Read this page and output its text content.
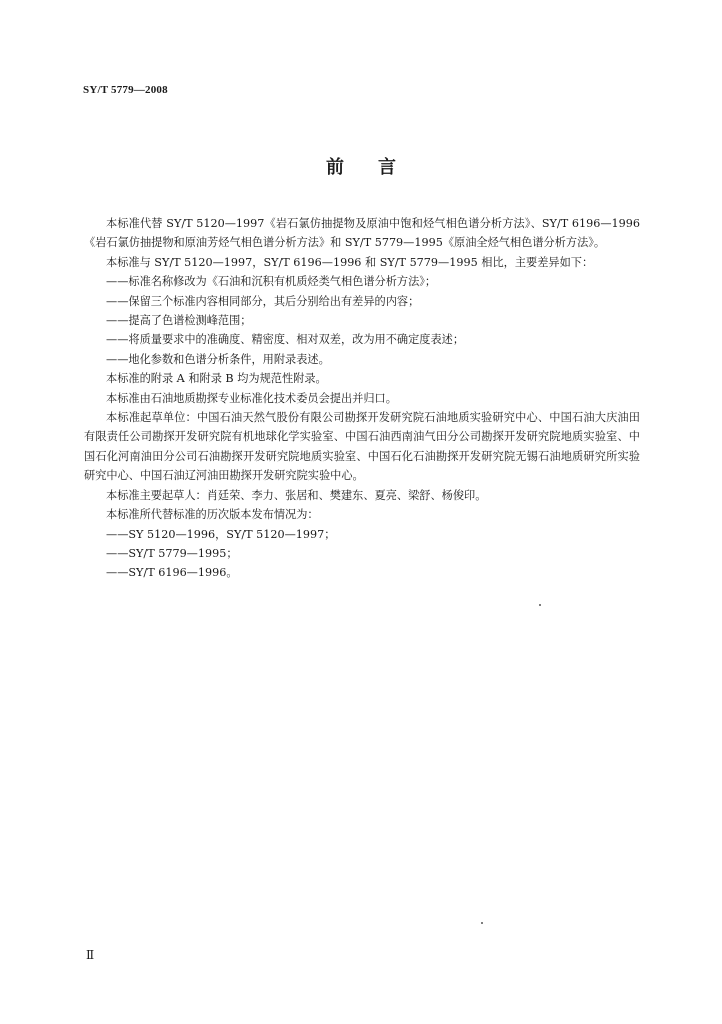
SY/T 5779—2008
前言

本标准代替 SY/T 5120—1997《岩石氯仿抽提物及原油中饱和烃气相色谱分析方法》、SY/T 6196—1996《岩石氯仿抽提物和原油芳烃气相色谱分析方法》和 SY/T 5779—1995《原油全烃气相色谱分析方法》。

本标准与 SY/T 5120—1997，SY/T 6196—1996 和 SY/T 5779—1995 相比，主要差异如下：

——标准名称修改为《石油和沉积有机质烃类气相色谱分析方法》；

——保留三个标准内容相同部分，其后分别给出有差异的内容；

——提高了色谱检测峰范围；

——将质量要求中的准确度、精密度、相对双差，改为用不确定度表述；

——地化参数和色谱分析条件，用附录表述。

本标准的附录 A 和附录 B 均为规范性附录。

本标准由石油地质勘探专业标准化技术委员会提出并归口。

本标准起草单位：中国石油天然气股份有限公司勘探开发研究院石油地质实验研究中心、中国石油大庆油田有限责任公司勘探开发研究院有机地球化学实验室、中国石油西南油气田分公司勘探开发研究院地质实验室、中国石化河南油田分公司石油勘探开发研究院地质实验室、中国石化石油勘探开发研究院无锡石油地质研究所实验研究中心、中国石油辽河油田勘探开发研究院实验中心。

本标准主要起草人：肖廷荣、李力、张居和、樊建东、夏亮、梁舒、杨俊印。

本标准所代替标准的历次版本发布情况为：

——SY 5120—1996，SY/T 5120—1997；

——SY/T 5779—1995；

——SY/T 6196—1996。

Ⅱ
